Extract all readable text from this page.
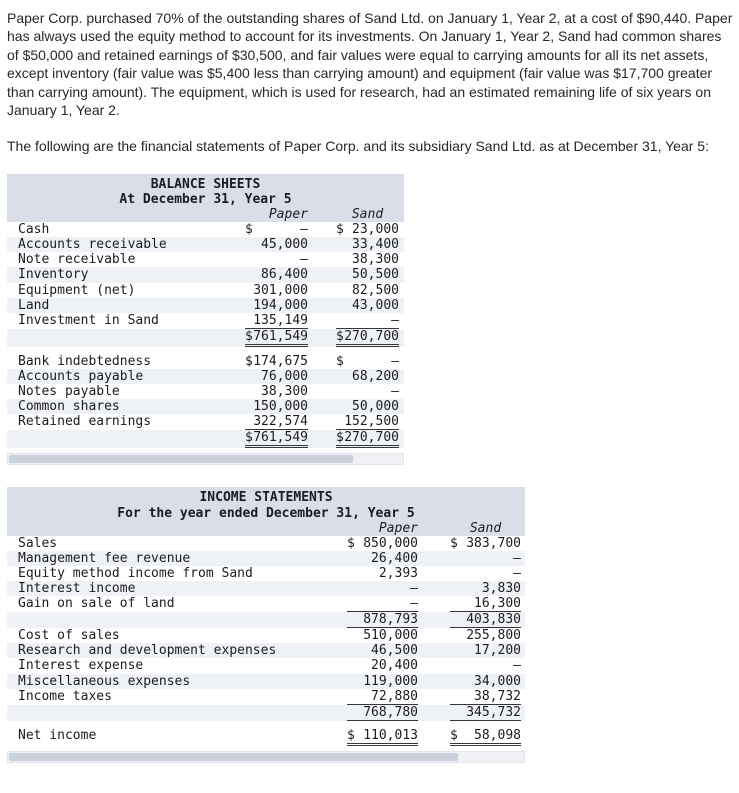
Paper Corp. purchased 70% of the outstanding shares of Sand Ltd. on January 1, Year 2, at a cost of $90,440. Paper has always used the equity method to account for its investments. On January 1, Year 2, Sand had common shares of $50,000 and retained earnings of $30,500, and fair values were equal to carrying amounts for all its net assets, except inventory (fair value was $5,400 less than carrying amount) and equipment (fair value was $17,700 greater than carrying amount). The equipment, which is used for research, had an estimated remaining life of six years on January 1, Year 2.

The following are the financial statements of Paper Corp. and its subsidiary Sand Ltd. as at December 31, Year 5:

BALANCE SHEETS
At December 31, Year 5
Paper	Sand
Cash	$	— $ 23,000
Accounts receivable	45,000	33,400
Note receivable	—	38,300
Inventory	86,400	50,500
Equipment (net)	301,000	82,500
Land	194,000	43,000
Investment in Sand	135,149	—
$ 761,549 $ 270,700
Bank indebtedness	$ 174,675 $	—
Accounts payable	76,000	68,200
Notes payable	38,300	—
Common shares	150,000	50,000
Retained earnings	322,574	152,500
$ 761,549 $ 270,700
INCOME STATEMENTS
For the year ended December 31, Year 5
Paper	Sand
Sales	$ 850,000 $ 383,700
Management fee revenue	26,400	—
Equity method income from Sand	2,393	—
Interest income	—	3,830
Gain on sale of land	—	16,300
878,793	403,830
Cost of sales	510,000	255,800
Research and development expenses	46,500	17,200
Interest expense	20,400	—
Miscellaneous expenses	119,000	34,000
Income taxes	72,880	38,732
768,780	345,732
Net income	$ 110,013 $ 58,098
